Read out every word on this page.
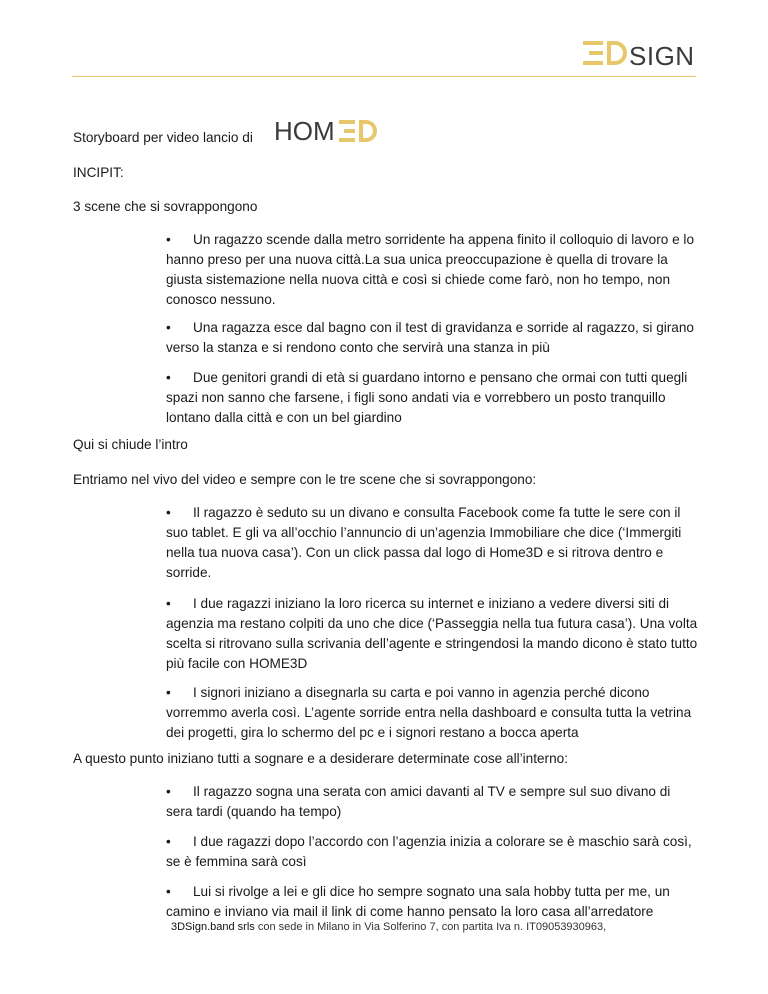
SIGN
Storyboard per video lancio di HOM
INCIPIT:
3 scene che si sovrappongono
•	Un ragazzo scende dalla metro sorridente ha appena finito il colloquio di lavoro e lo hanno preso per una nuova città.La sua unica preoccupazione è quella di trovare la giusta sistemazione nella nuova città e così si chiede come farò, non ho tempo, non conosco nessuno.

•	Una ragazza esce dal bagno con il test di gravidanza e sorride al ragazzo, si girano verso la stanza e si rendono conto che servirà una stanza in più

•	Due genitori grandi di età si guardano intorno e pensano che ormai con tutti quegli spazi non sanno che farsene, i figli sono andati via e vorrebbero un posto tranquillo lontano dalla città e con un bel giardino

Qui si chiude l’intro
Entriamo nel vivo del video e sempre con le tre scene che si sovrappongono:
•	Il ragazzo è seduto su un divano e consulta Facebook come fa tutte le sere con il suo tablet. E gli va all’occhio l’annuncio di un’agenzia Immobiliare che dice (‘Immergiti nella tua nuova casa’). Con un click passa dal logo di Home3D e si ritrova dentro e sorride.

•	I due ragazzi iniziano la loro ricerca su internet e iniziano a vedere diversi siti di agenzia ma restano colpiti da uno che dice (‘Passeggia nella tua futura casa’). Una volta scelta si ritrovano sulla scrivania dell’agente e stringendosi la mando dicono è stato tutto più facile con HOME3D

•	I signori iniziano a disegnarla su carta e poi vanno in agenzia perché dicono vorremmo averla così. L’agente sorride entra nella dashboard e consulta tutta la vetrina dei progetti, gira lo schermo del pc e i signori restano a bocca aperta

A questo punto iniziano tutti a sognare e a desiderare determinate cose all’interno:
•	Il ragazzo sogna una serata con amici davanti al TV e sempre sul suo divano di sera tardi (quando ha tempo)

•	I due ragazzi dopo l’accordo con l’agenzia inizia a colorare se è maschio sarà così, se è femmina sarà così

•	Lui si rivolge a lei e gli dice ho sempre sognato una sala hobby tutta per me, un camino e inviano via mail il link di come hanno pensato la loro casa all’arredatore

3DSign.band srls con sede in Milano in Via Solferino 7, con partita Iva n. IT09053930963,
